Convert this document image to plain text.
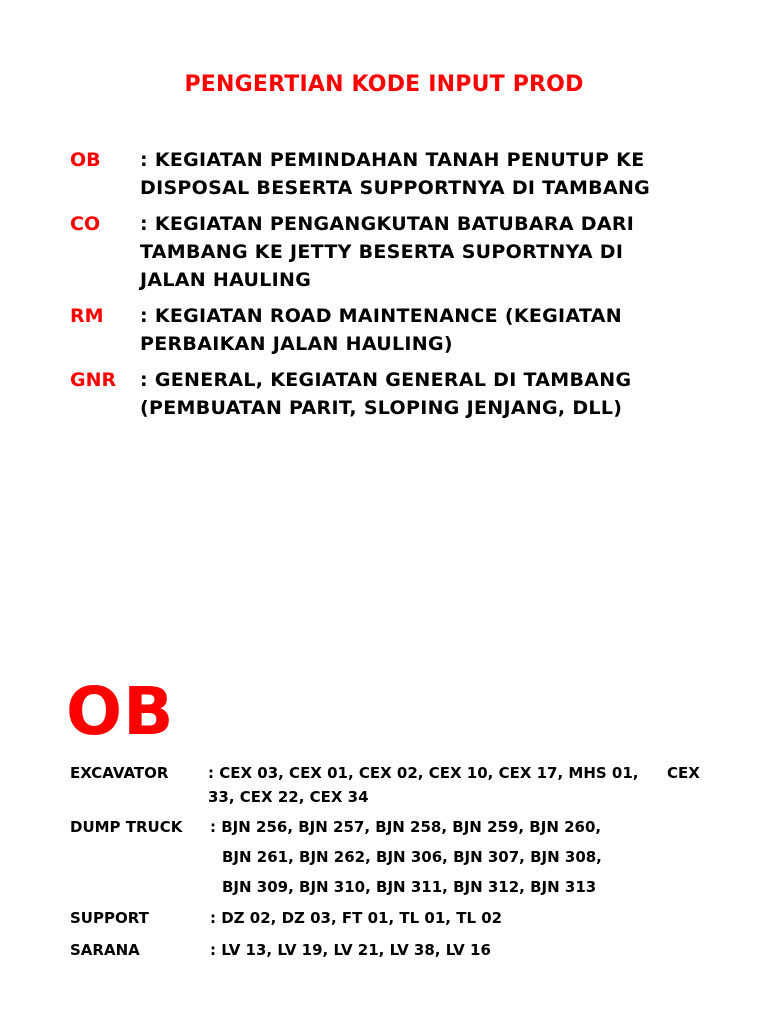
PENGERTIAN KODE INPUT PROD
OB	: KEGIATAN PEMINDAHAN TANAH PENUTUP KE
DISPOSAL BESERTA SUPPORTNYA DI TAMBANG
CO	: KEGIATAN PENGANGKUTAN BATUBARA DARI
TAMBANG KE JETTY BESERTA SUPORTNYA DI
JALAN HAULING
RM	: KEGIATAN ROAD MAINTENANCE (KEGIATAN
PERBAIKAN JALAN HAULING)
GNR	: GENERAL, KEGIATAN GENERAL DI TAMBANG
(PEMBUATAN PARIT, SLOPING JENJANG, DLL)
OB
EXCAVATOR	: CEX 03, CEX 01, CEX 02, CEX 10, CEX 17, MHS 01, CEX
33, CEX 22, CEX 34
DUMP TRUCK : BJN 256, BJN 257, BJN 258, BJN 259, BJN 260,
BJN 261, BJN 262, BJN 306, BJN 307, BJN 308,
BJN 309, BJN 310, BJN 311, BJN 312, BJN 313
SUPPORT	: DZ 02, DZ 03, FT 01, TL 01, TL 02
SARANA	: LV 13, LV 19, LV 21, LV 38, LV 16
